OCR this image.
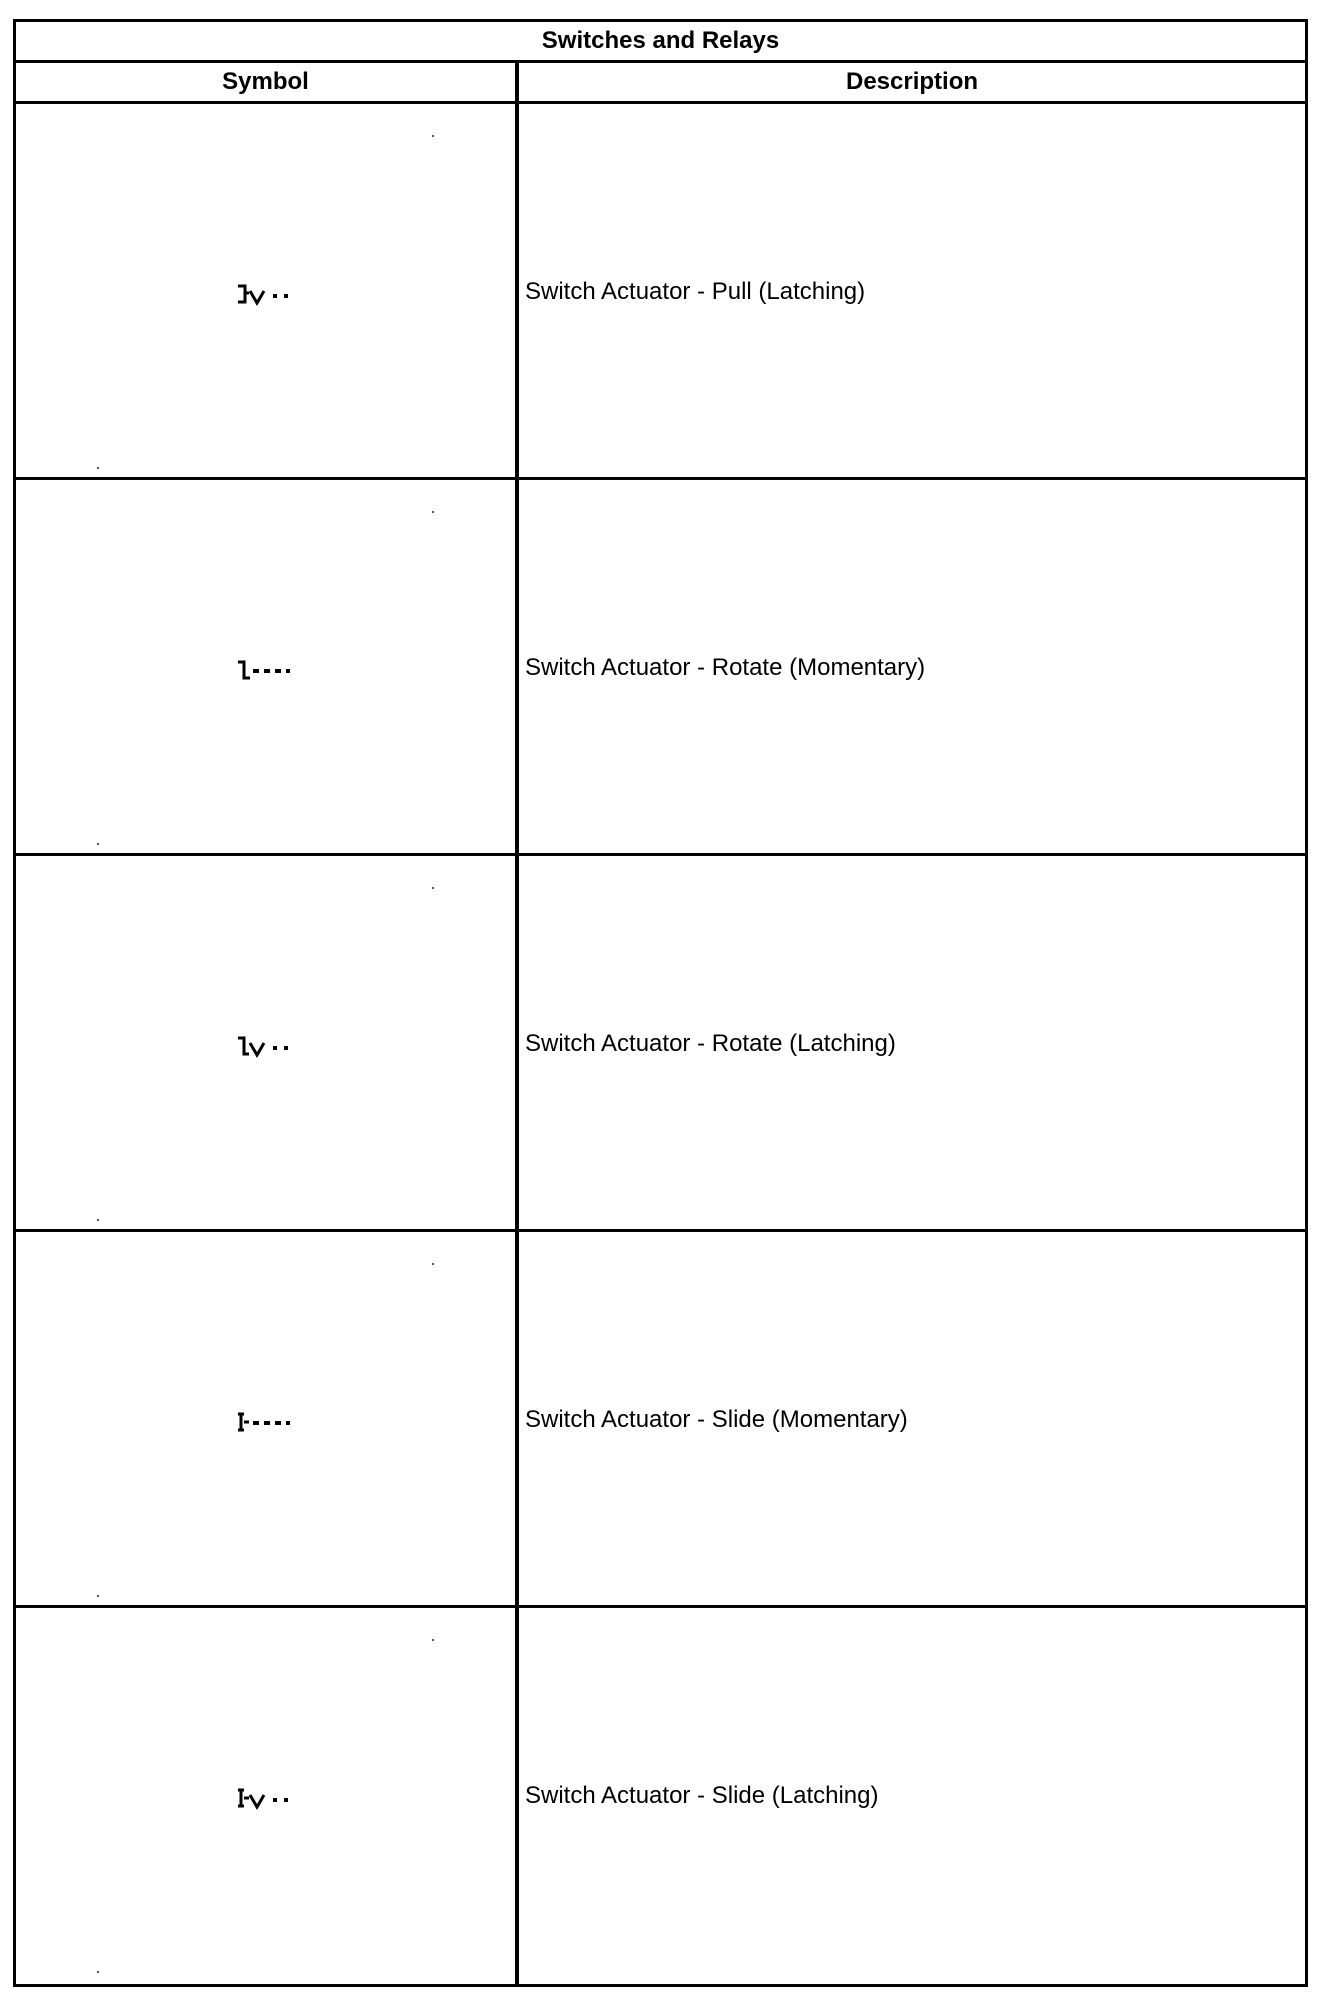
Switches and Relays
Symbol	Description
Switch Actuator - Pull (Latching)
Switch Actuator - Rotate (Momentary)
Switch Actuator - Rotate (Latching)
Switch Actuator - Slide (Momentary)
Switch Actuator - Slide (Latching)
